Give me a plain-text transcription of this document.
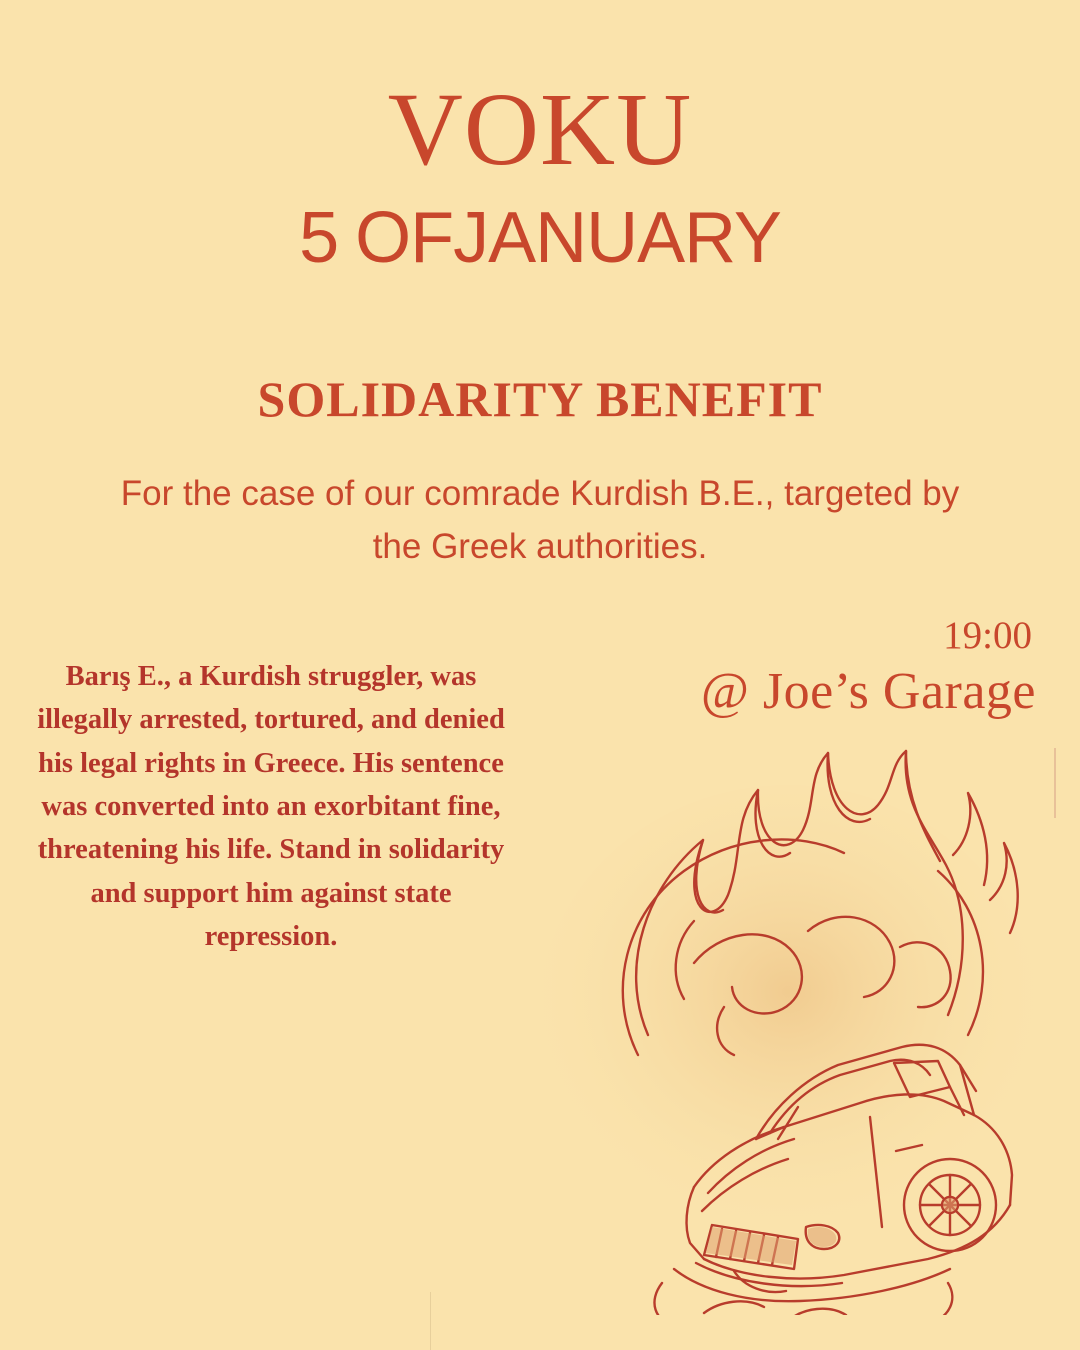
VOKU
5 OFJANUARY
SOLIDARITY BENEFIT
For the case of our comrade Kurdish B.E., targeted by the Greek authorities.
19:00
@ Joe’s Garage
Barış E., a Kurdish struggler, was illegally arrested, tortured, and denied his legal rights in Greece. His sentence was converted into an exorbitant fine, threatening his life. Stand in solidarity and support him against state repression.
